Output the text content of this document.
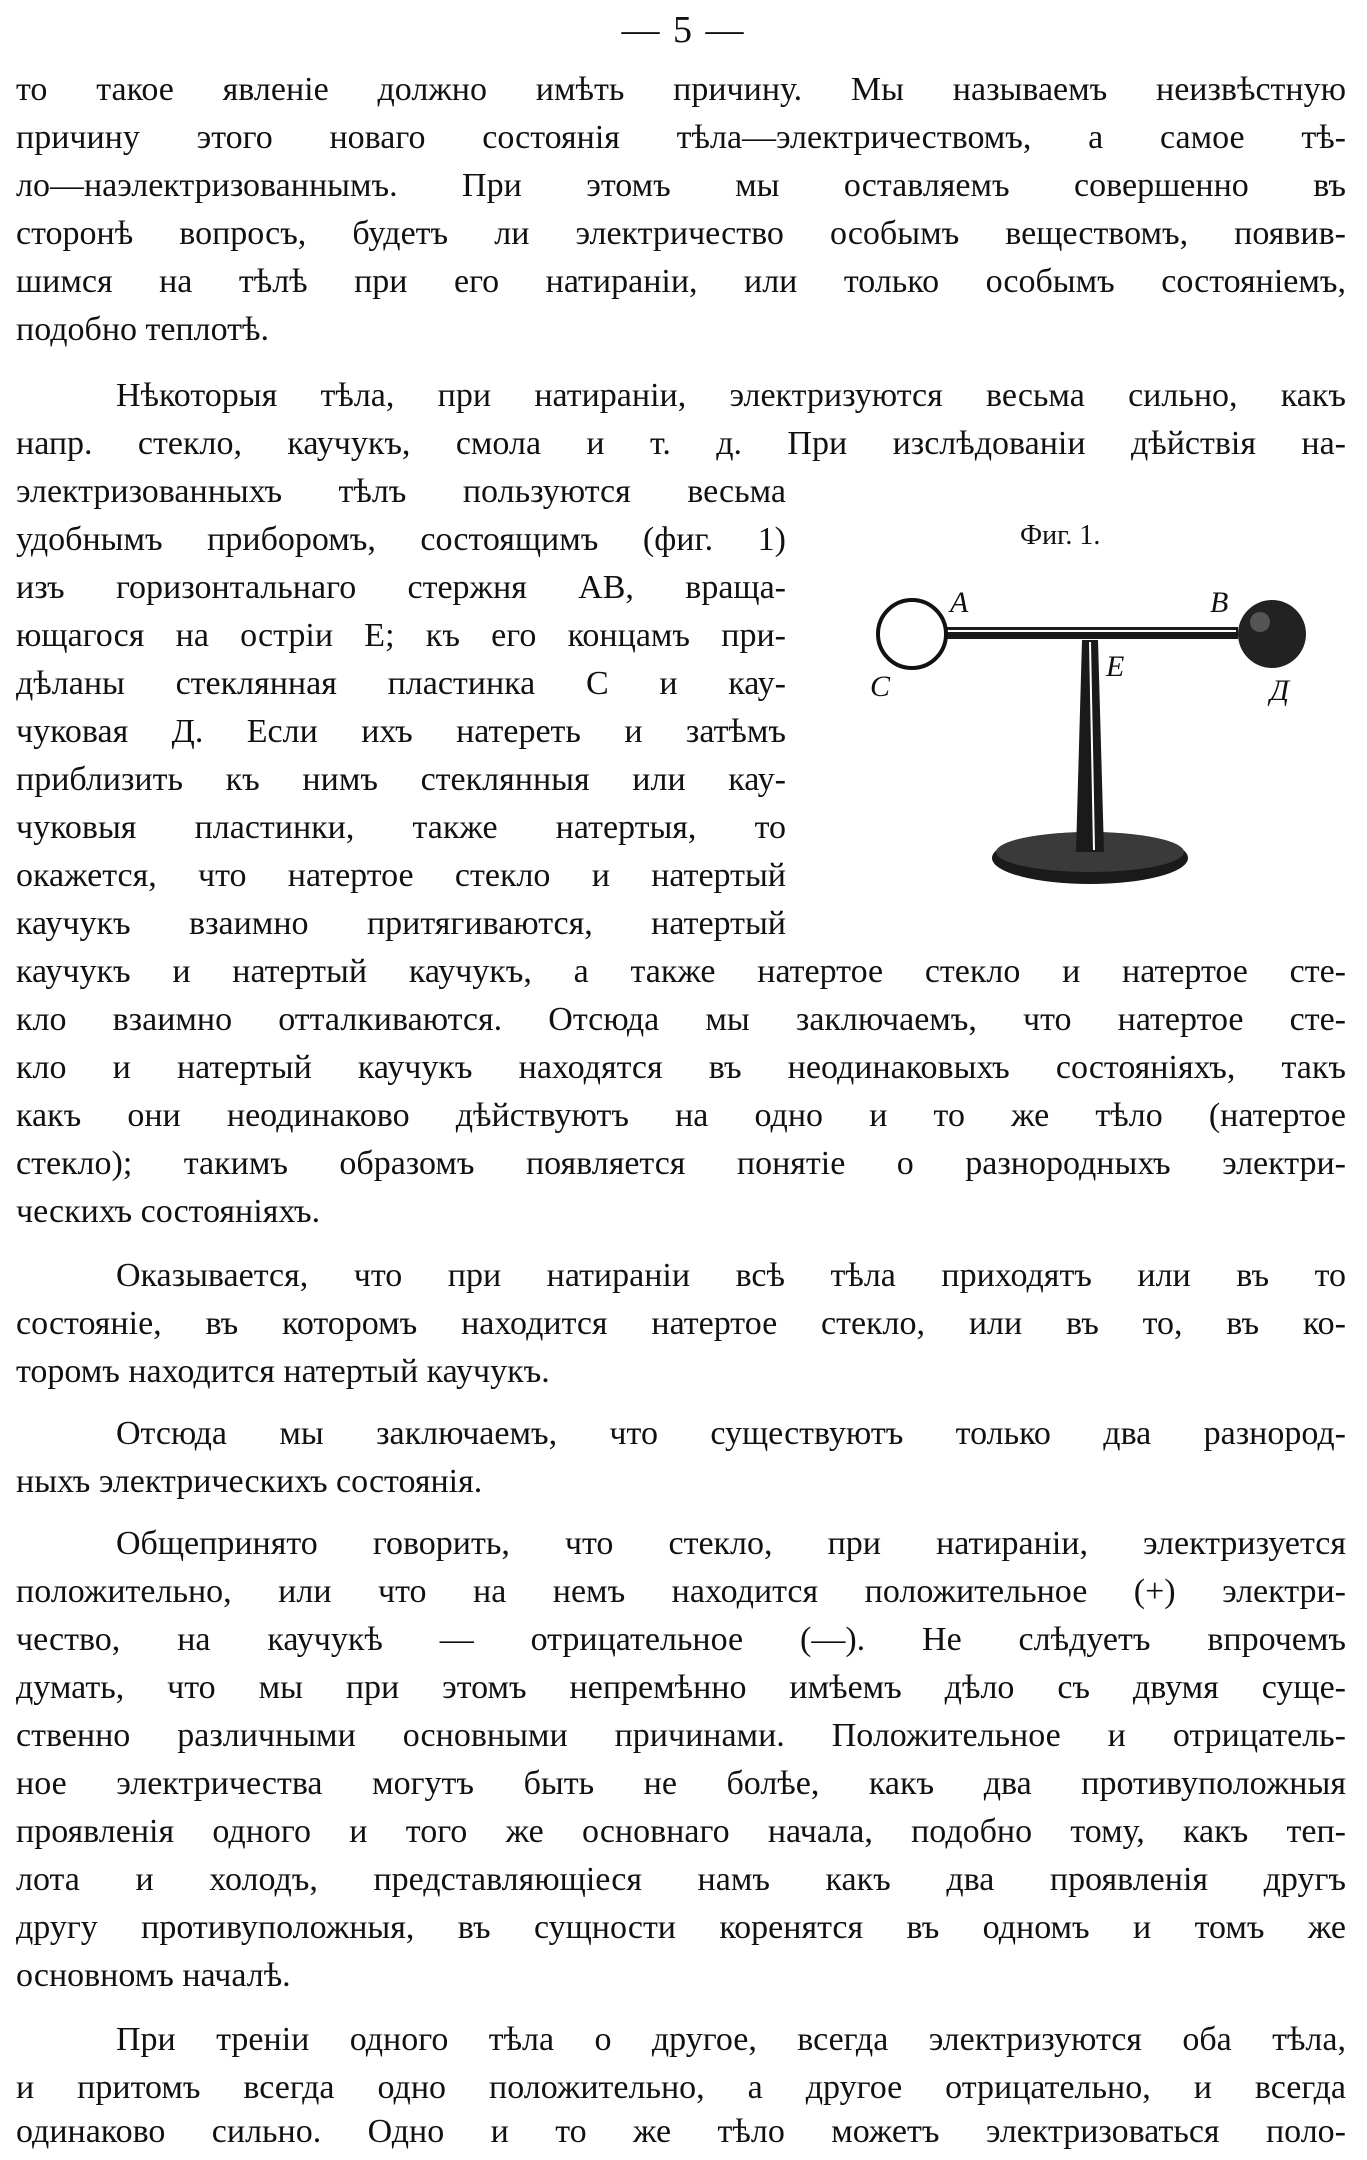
— 5 —
то такое явленіе должно имѣть причину. Мы называемъ неизвѣстную
причину этого новаго состоянія тѣла—электричествомъ, а самое тѣ-
ло—наэлектризованнымъ. При этомъ мы оставляемъ совершенно въ
сторонѣ вопросъ, будетъ ли электричество особымъ веществомъ, появив-
шимся на тѣлѣ при его натираніи, или только особымъ состояніемъ,
подобно теплотѣ.
Нѣкоторыя тѣла, при натираніи, электризуются весьма сильно, какъ
напр. стекло, каучукъ, смола и т. д. При изслѣдованіи дѣйствія на-
электризованныхъ тѣлъ пользуются весьма
удобнымъ приборомъ, состоящимъ (фиг. 1)
изъ горизонтальнаго стержня AB, враща-
ющагося на остріи E; къ его концамъ при-
дѣланы стеклянная пластинка C и кау-
чуковая Д. Если ихъ натереть и затѣмъ
приблизить къ нимъ стеклянныя или кау-
чуковыя пластинки, также натертыя, то
окажется, что натертое стекло и натертый
каучукъ взаимно притягиваются, натертый
каучукъ и натертый каучукъ, а также натертое стекло и натертое сте-
кло взаимно отталкиваются. Отсюда мы заключаемъ, что натертое сте-
кло и натертый каучукъ находятся въ неодинаковыхъ состояніяхъ, такъ
какъ они неодинаково дѣйствуютъ на одно и то же тѣло (натертое
стекло); такимъ образомъ появляется понятіе о разнородныхъ электри-
ческихъ состояніяхъ.
Оказывается, что при натираніи всѣ тѣла приходятъ или въ то
состояніе, въ которомъ находится натертое стекло, или въ то, въ ко-
торомъ находится натертый каучукъ.
Отсюда мы заключаемъ, что существуютъ только два разнород-
ныхъ электрическихъ состоянія.
Общепринято говорить, что стекло, при натираніи, электризуется
положительно, или что на немъ находится положительное (+) электри-
чество, на каучукѣ — отрицательное (—). Не слѣдуетъ впрочемъ
думать, что мы при этомъ непремѣнно имѣемъ дѣло съ двумя суще-
ственно различными основными причинами. Положительное и отрицатель-
ное электричества могутъ быть не болѣе, какъ два противуположныя
проявленія одного и того же основнаго начала, подобно тому, какъ теп-
лота и холодъ, представляющіеся намъ какъ два проявленія другъ
другу противуположныя, въ сущности коренятся въ одномъ и томъ же
основномъ началѣ.
При треніи одного тѣла о другое, всегда электризуются оба тѣла,
и притомъ всегда одно положительно, а другое отрицательно, и всегда
одинаково сильно. Одно и то же тѣло можетъ электризоваться поло-
Фиг. 1.
A	B
E
C	Д
